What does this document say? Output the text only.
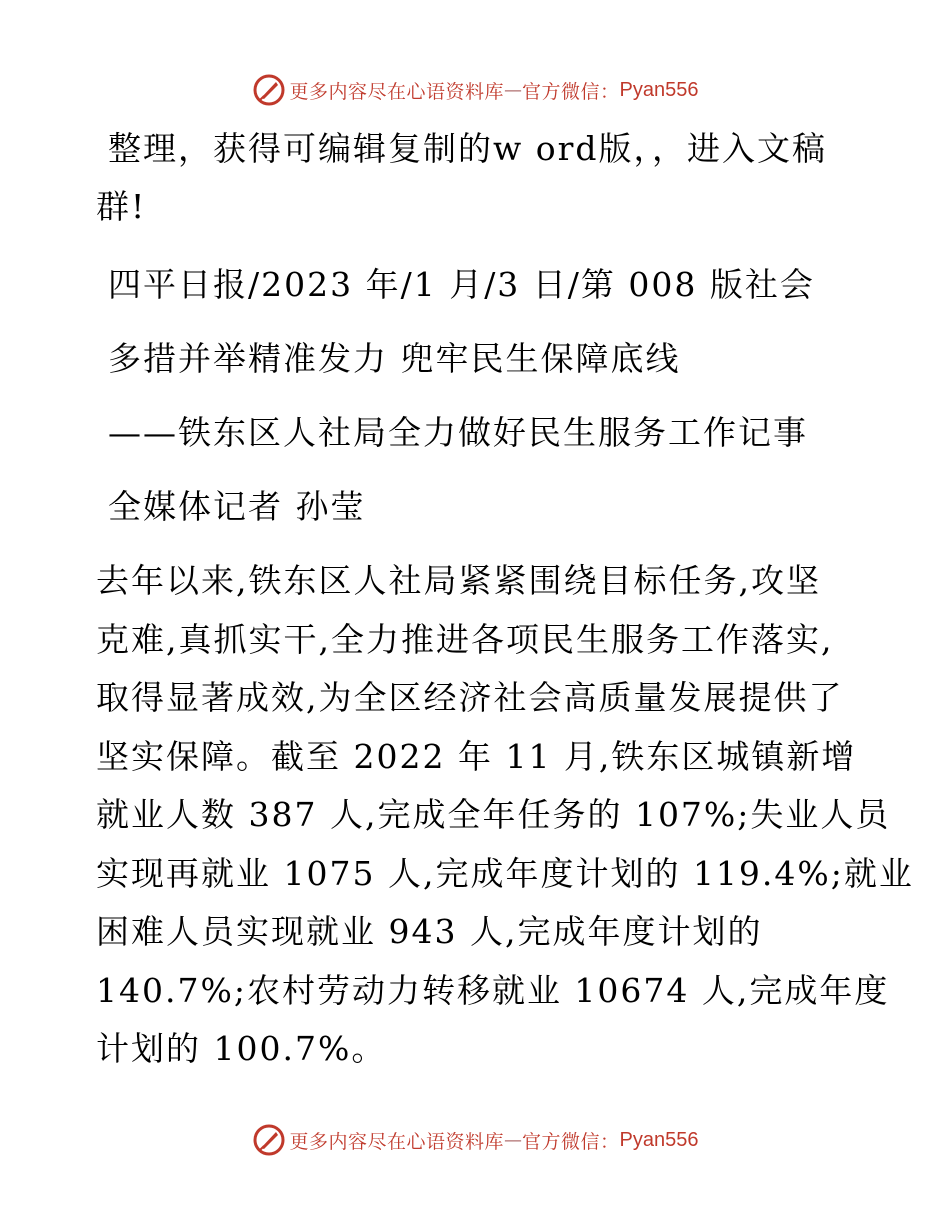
更多内容尽在心语资料库 — 官方微信： Pyan556
整理，获得可编辑复制的w ord版，，进入文稿
群!
四平日报/2023 年/1 月/3 日/第 008 版社会
多措并举精准发力 兜牢民生保障底线
——铁东区人社局全力做好民生服务工作记事
全媒体记者 孙莹
去年以来,铁东区人社局紧紧围绕目标任务,攻坚
克难,真抓实干,全力推进各项民生服务工作落实,
取得显著成效,为全区经济社会高质量发展提供了
坚实保障。截至 2022 年 11 月,铁东区城镇新增
就业人数 387 人,完成全年任务的 107%;失业人员
实现再就业 1075 人,完成年度计划的 119.4%;就业
困难人员实现就业 943 人,完成年度计划的
140.7%;农村劳动力转移就业 10674 人,完成年度
计划的 100.7%。
更多内容尽在心语资料库 — 官方微信： Pyan556
